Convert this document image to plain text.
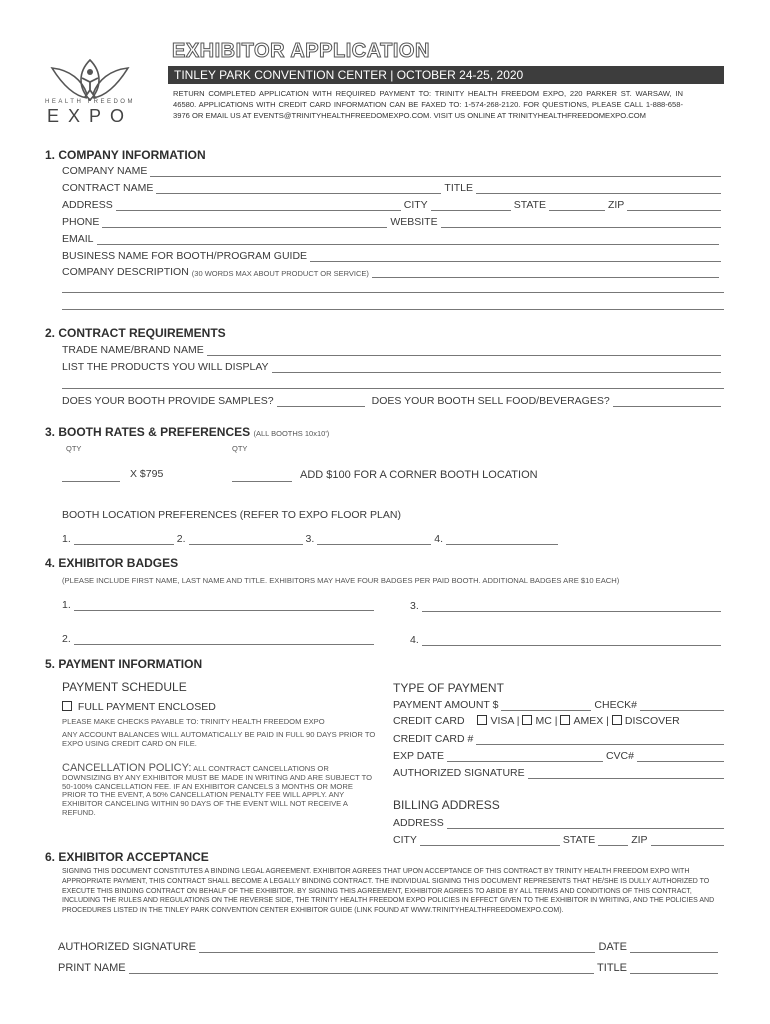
HEALTH FREEDOM
EXPO
EXHIBITOR APPLICATION
TINLEY PARK CONVENTION CENTER | OCTOBER 24-25, 2020
RETURN COMPLETED APPLICATION WITH REQUIRED PAYMENT TO: TRINITY HEALTH FREEDOM EXPO, 220 PARKER ST. WARSAW, IN 46580. APPLICATIONS WITH CREDIT CARD INFORMATION CAN BE FAXED TO: 1-574-268-2120. FOR QUESTIONS, PLEASE CALL 1-888-658-3976 OR EMAIL US AT EVENTS@TRINITYHEALTHFREEDOMEXPO.COM. VISIT US ONLINE AT TRINITYHEALTHFREEDOMEXPO.COM
1. COMPANY INFORMATION
COMPANY NAME
CONTRACT NAME	TITLE
ADDRESS	CITY	STATE	ZIP
PHONE	WEBSITE
EMAIL
BUSINESS NAME FOR BOOTH/PROGRAM GUIDE
COMPANY DESCRIPTION (30 WORDS MAX ABOUT PRODUCT OR SERVICE)
2. CONTRACT REQUIREMENTS
TRADE NAME/BRAND NAME
LIST THE PRODUCTS YOU WILL DISPLAY
DOES YOUR BOOTH PROVIDE SAMPLES?	DOES YOUR BOOTH SELL FOOD/BEVERAGES?
3. BOOTH RATES & PREFERENCES (ALL BOOTHS 10x10')
QTY	QTY
X $795	ADD $100 FOR A CORNER BOOTH LOCATION
BOOTH LOCATION PREFERENCES (REFER TO EXPO FLOOR PLAN)
1.	2.	3.	4.
4. EXHIBITOR BADGES
(PLEASE INCLUDE FIRST NAME, LAST NAME AND TITLE. EXHIBITORS MAY HAVE FOUR BADGES PER PAID BOOTH. ADDITIONAL BADGES ARE $10 EACH)
1.	3.
2.	4.
5. PAYMENT INFORMATION
PAYMENT SCHEDULE
FULL PAYMENT ENCLOSED
PLEASE MAKE CHECKS PAYABLE TO: TRINITY HEALTH FREEDOM EXPO
ANY ACCOUNT BALANCES WILL AUTOMATICALLY BE PAID IN FULL 90 DAYS PRIOR TO EXPO USING CREDIT CARD ON FILE.
CANCELLATION POLICY: ALL CONTRACT CANCELLATIONS OR DOWNSIZING BY ANY EXHIBITOR MUST BE MADE IN WRITING AND ARE SUBJECT TO 50-100% CANCELLATION FEE. IF AN EXHIBITOR CANCELS 3 MONTHS OR MORE PRIOR TO THE EVENT, A 50% CANCELLATION PENALTY FEE WILL APPLY. ANY EXHIBITOR CANCELING WITHIN 90 DAYS OF THE EVENT WILL NOT RECEIVE A REFUND.
TYPE OF PAYMENT
PAYMENT AMOUNT $	CHECK#
CREDIT CARD VISA | MC | AMEX | DISCOVER
CREDIT CARD #
EXP DATE	CVC#
AUTHORIZED SIGNATURE
BILLING ADDRESS
ADDRESS
CITY	STATE	ZIP
6. EXHIBITOR ACCEPTANCE
SIGNING THIS DOCUMENT CONSTITUTES A BINDING LEGAL AGREEMENT. EXHIBITOR AGREES THAT UPON ACCEPTANCE OF THIS CONTRACT BY TRINITY HEALTH FREEDOM EXPO WITH APPROPRIATE PAYMENT, THIS CONTRACT SHALL BECOME A LEGALLY BINDING CONTRACT. THE INDIVIDUAL SIGNING THIS DOCUMENT REPRESENTS THAT HE/SHE IS DULLY AUTHORIZED TO EXECUTE THIS BINDING CONTRACT ON BEHALF OF THE EXHIBITOR. BY SIGNING THIS AGREEMENT, EXHIBITOR AGREES TO ABIDE BY ALL TERMS AND CONDITIONS OF THIS CONTRACT, INCLUDING THE RULES AND REGULATIONS ON THE REVERSE SIDE, THE TRINITY HEALTH FREEDOM EXPO POLICIES IN EFFECT GIVEN TO THE EXHIBITOR IN WRITING, AND THE POLICIES AND PROCEDURES LISTED IN THE TINLEY PARK CONVENTION CENTER EXHIBITOR GUIDE (LINK FOUND AT WWW.TRINITYHEALTHFREEDOMEXPO.COM).
AUTHORIZED SIGNATURE	DATE
PRINT NAME	TITLE
